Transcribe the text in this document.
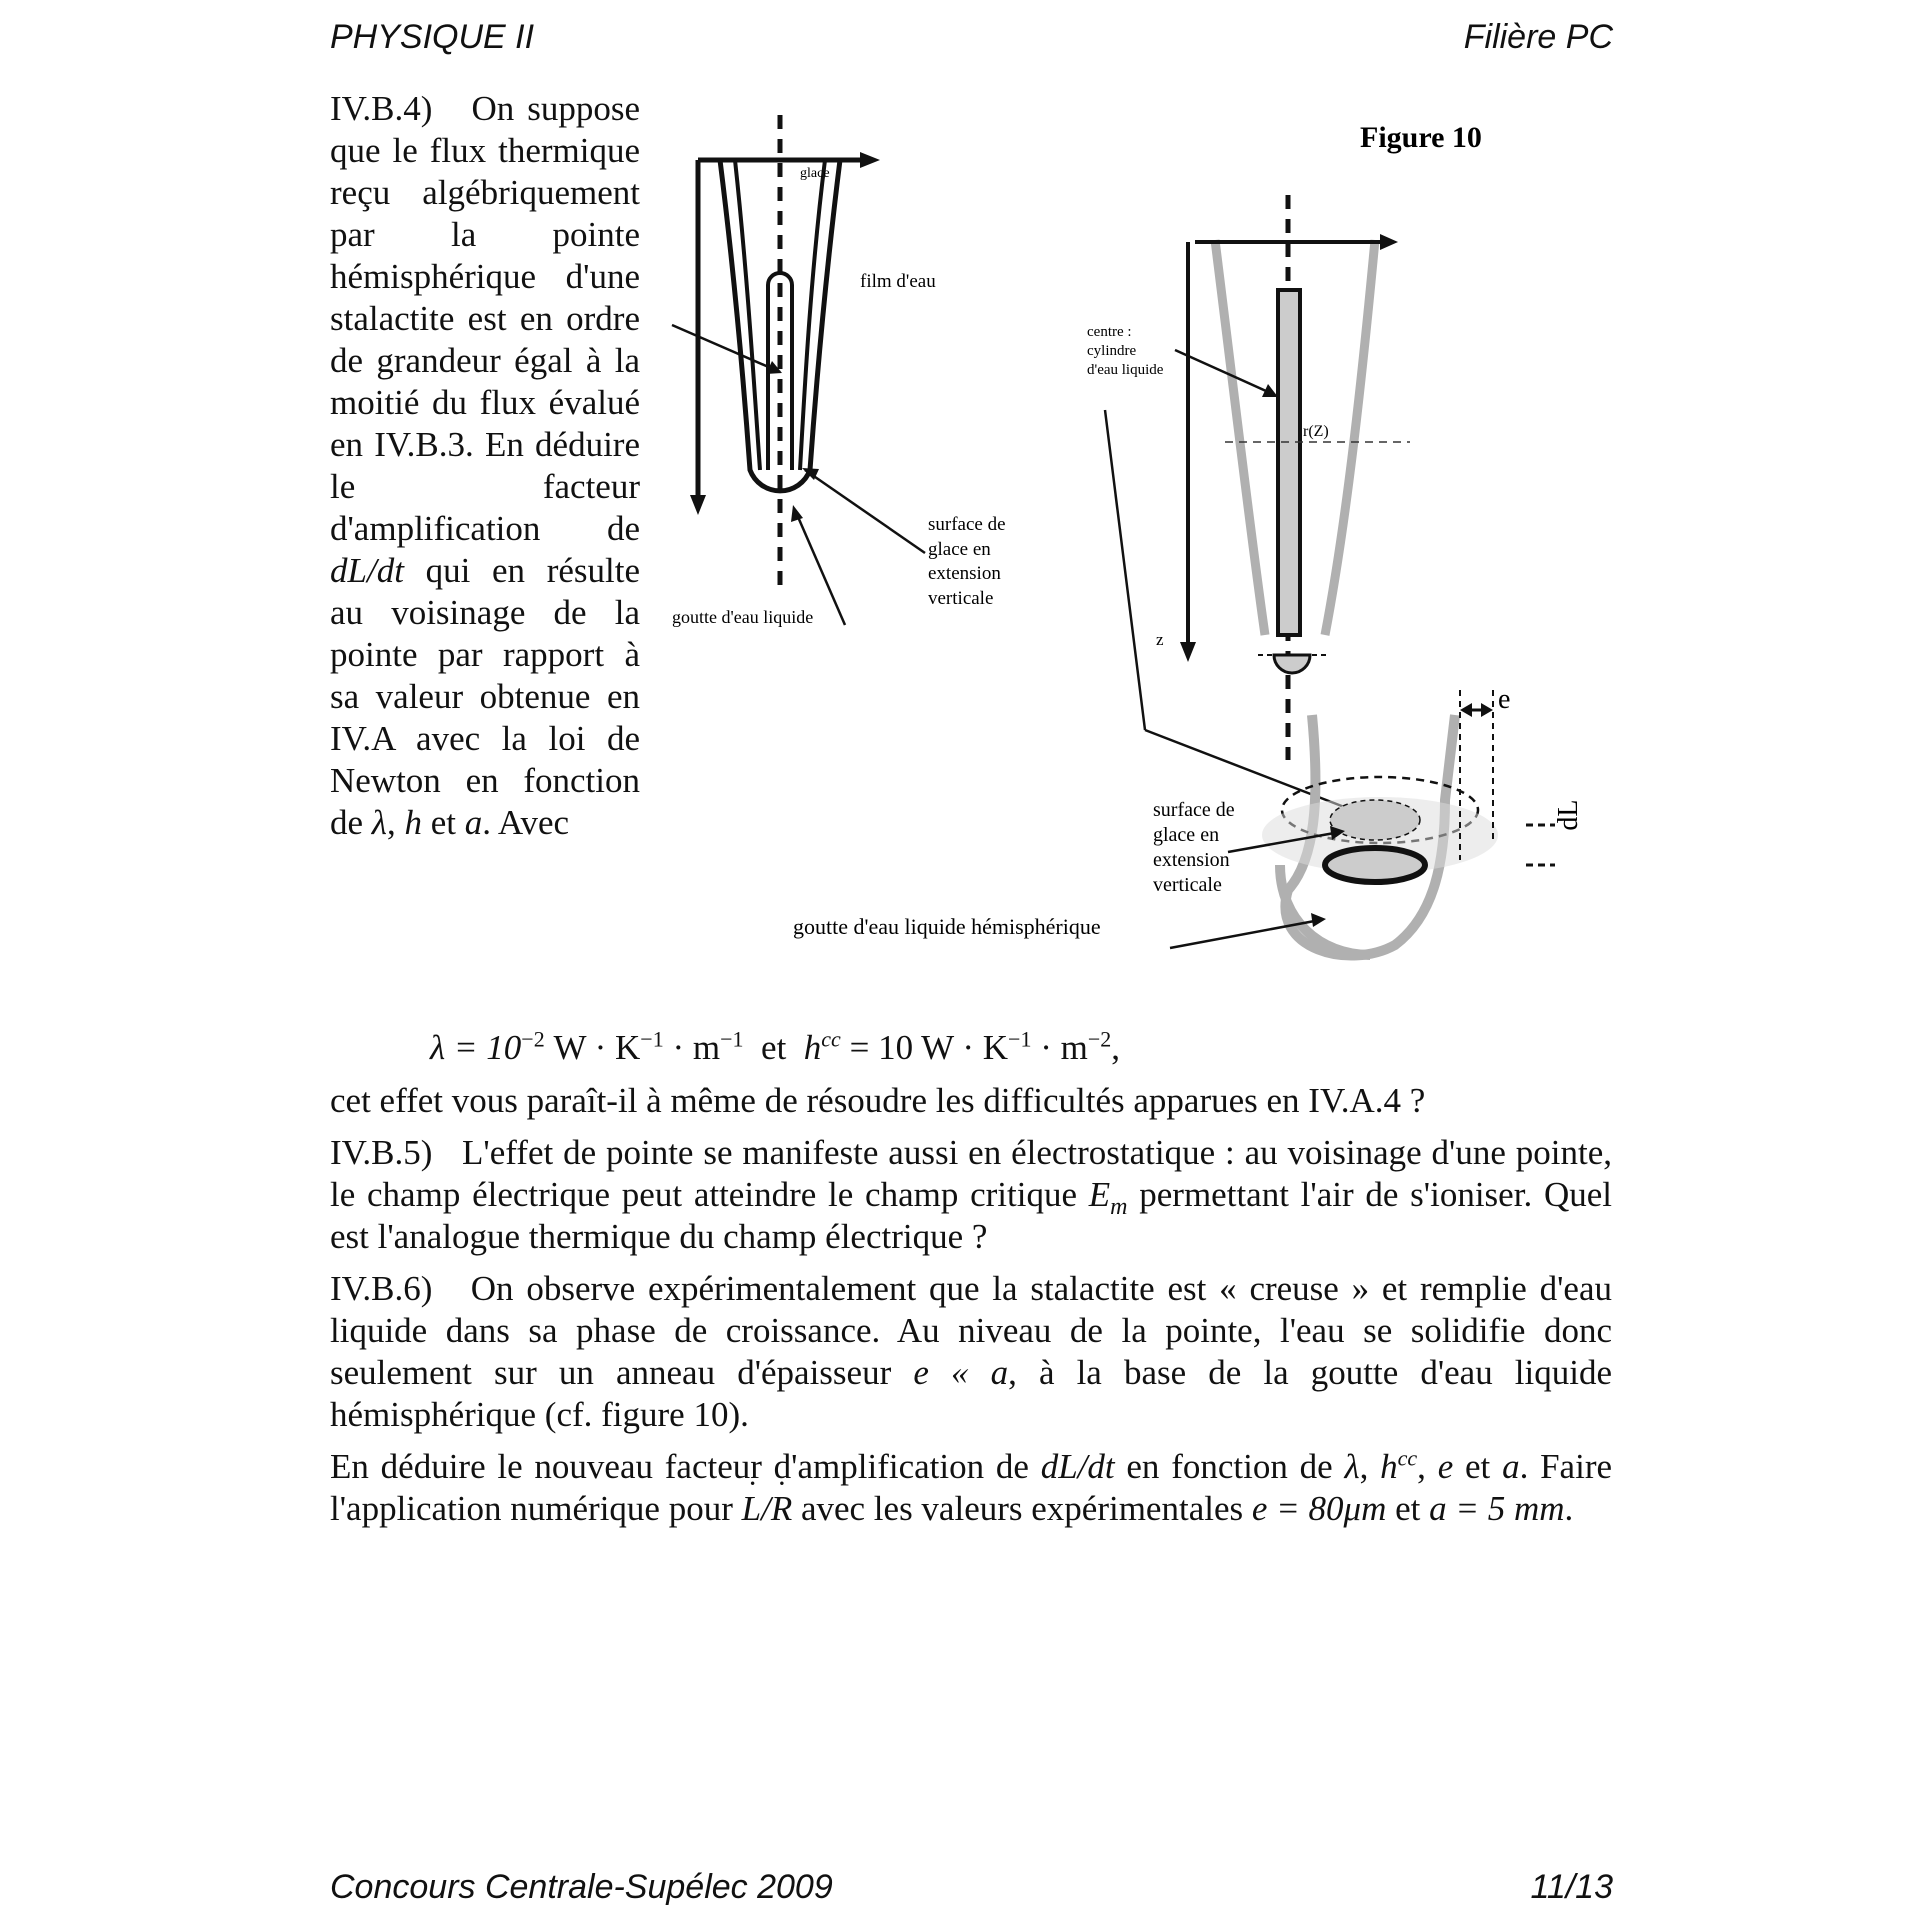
PHYSIQUE II	Filière PC

IV.B.4) On supposе que le flux thermique reçu algébriquement par la pointe hémisphérique d'une stalactite est en ordre de grandeur égal à la moitié du flux évalué en IV.B.3. En déduire le facteur d'amplification de dL/dt qui en résulte au voisinage de la pointe par rapport à sa valeur obtenue en IV.A avec la loi de Newton en fonction de λ, h et a. Avec

Figure 10
glace
film d'eau
surface de
glace en
extension
verticale
goutte d'eau liquide
r(Z)
z
centre :
cylindre
d'eau liquide
e
dL
surface de
glace en
extension
verticale
goutte d'eau liquide hémisphérique
$\lambda = 10^{-2}$ $W \cdot K^{-1} \cdot m^{-1}$ et $h^{cc} = 10$ $W \cdot K^{-1} \cdot m^{-2}$,

cet effet vous paraît-il à même de résoudre les difficultés apparues en IV.A.4 ?

IV.B.5) L'effet de pointe se manifeste aussi en électrostatique : au voisinage d'une pointe, le champ électrique peut atteindre le champ critique $E_m$ permettant l'air de s'ioniser. Quel est l'analogue thermique du champ électrique ?

IV.B.6) On observe expérimentalement que la stalactite est « creuse » et remplie d'eau liquide dans sa phase de croissance. Au niveau de la pointe, l'eau se solidifie donc seulement sur un anneau d'épaisseur e « a, à la base de la goutte d'eau liquide hémisphérique (cf. figure 10).

En déduire le nouveau facteur d'amplification de dL/dt en fonction de λ, $h^{cc}$, e et a. Faire l'application numérique pour · L/· R avec les valeurs expérimentales e = 80μm et a = 5 mm.

Concours Centrale-Supélec 2009	11/13
